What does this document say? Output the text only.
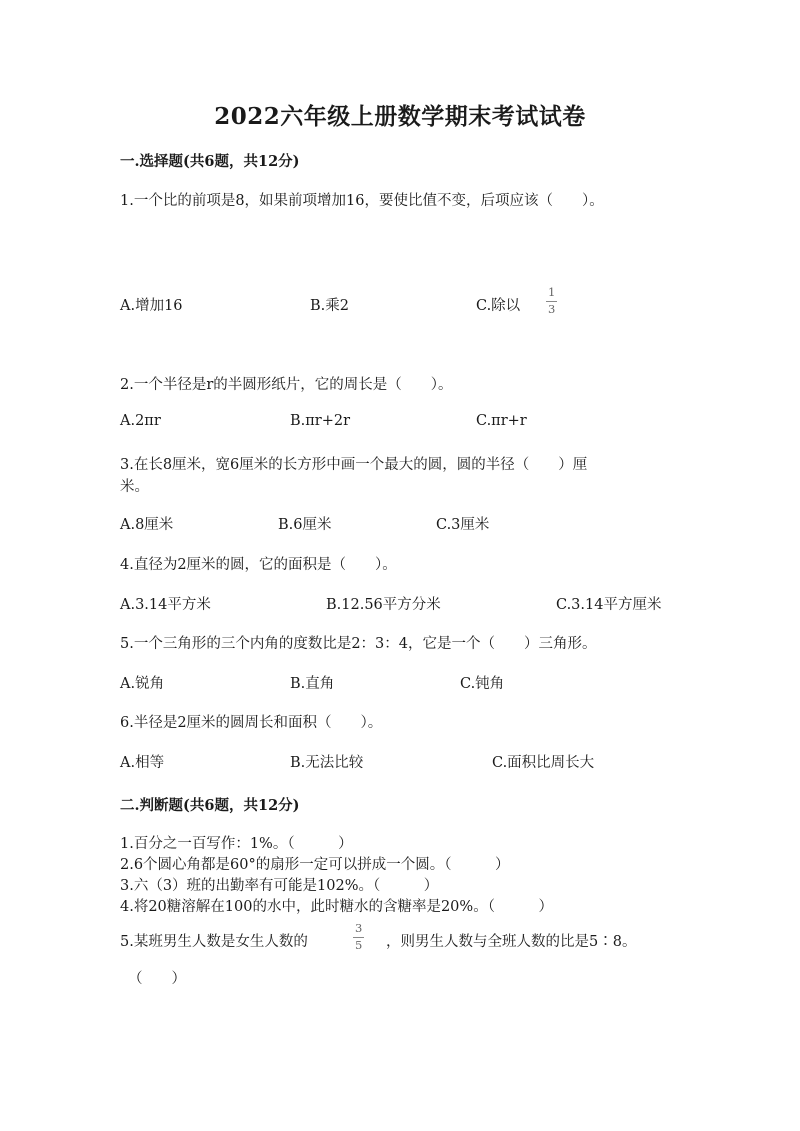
2022六年级上册数学期末考试试卷
一.选择题(共6题，共12分)
1.一个比的前项是8，如果前项增加16，要使比值不变，后项应该（　　）。
A.增加16	B.乘2	C.除以 $\frac{1}{3}$
2.一个半径是r的半圆形纸片，它的周长是（　　）。
A.2πr	B.πr+2r	C.πr+r
3.在长8厘米，宽6厘米的长方形中画一个最大的圆，圆的半径（　　）厘
米。
A.8厘米	B.6厘米	C.3厘米
4.直径为2厘米的圆，它的面积是（　　）。
A.3.14平方米	B.12.56平方分米	C.3.14平方厘米
5.一个三角形的三个内角的度数比是2：3：4，它是一个（　　）三角形。
A.锐角	B.直角	C.钝角
6.半径是2厘米的圆周长和面积（　　）。
A.相等	B.无法比较	C.面积比周长大
二.判断题(共6题，共12分)
1.百分之一百写作：1%。（　　　）
2.6个圆心角都是60°的扇形一定可以拼成一个圆。（　　　）
3.六（3）班的出勤率有可能是102%。（　　　）
4.将20糖溶解在100的水中，此时糖水的含糖率是20%。（　　　）
5.某班男生人数是女生人数的	$\frac{3}{5}$ ，则男生人数与全班人数的比是5∶8。
（　　）
